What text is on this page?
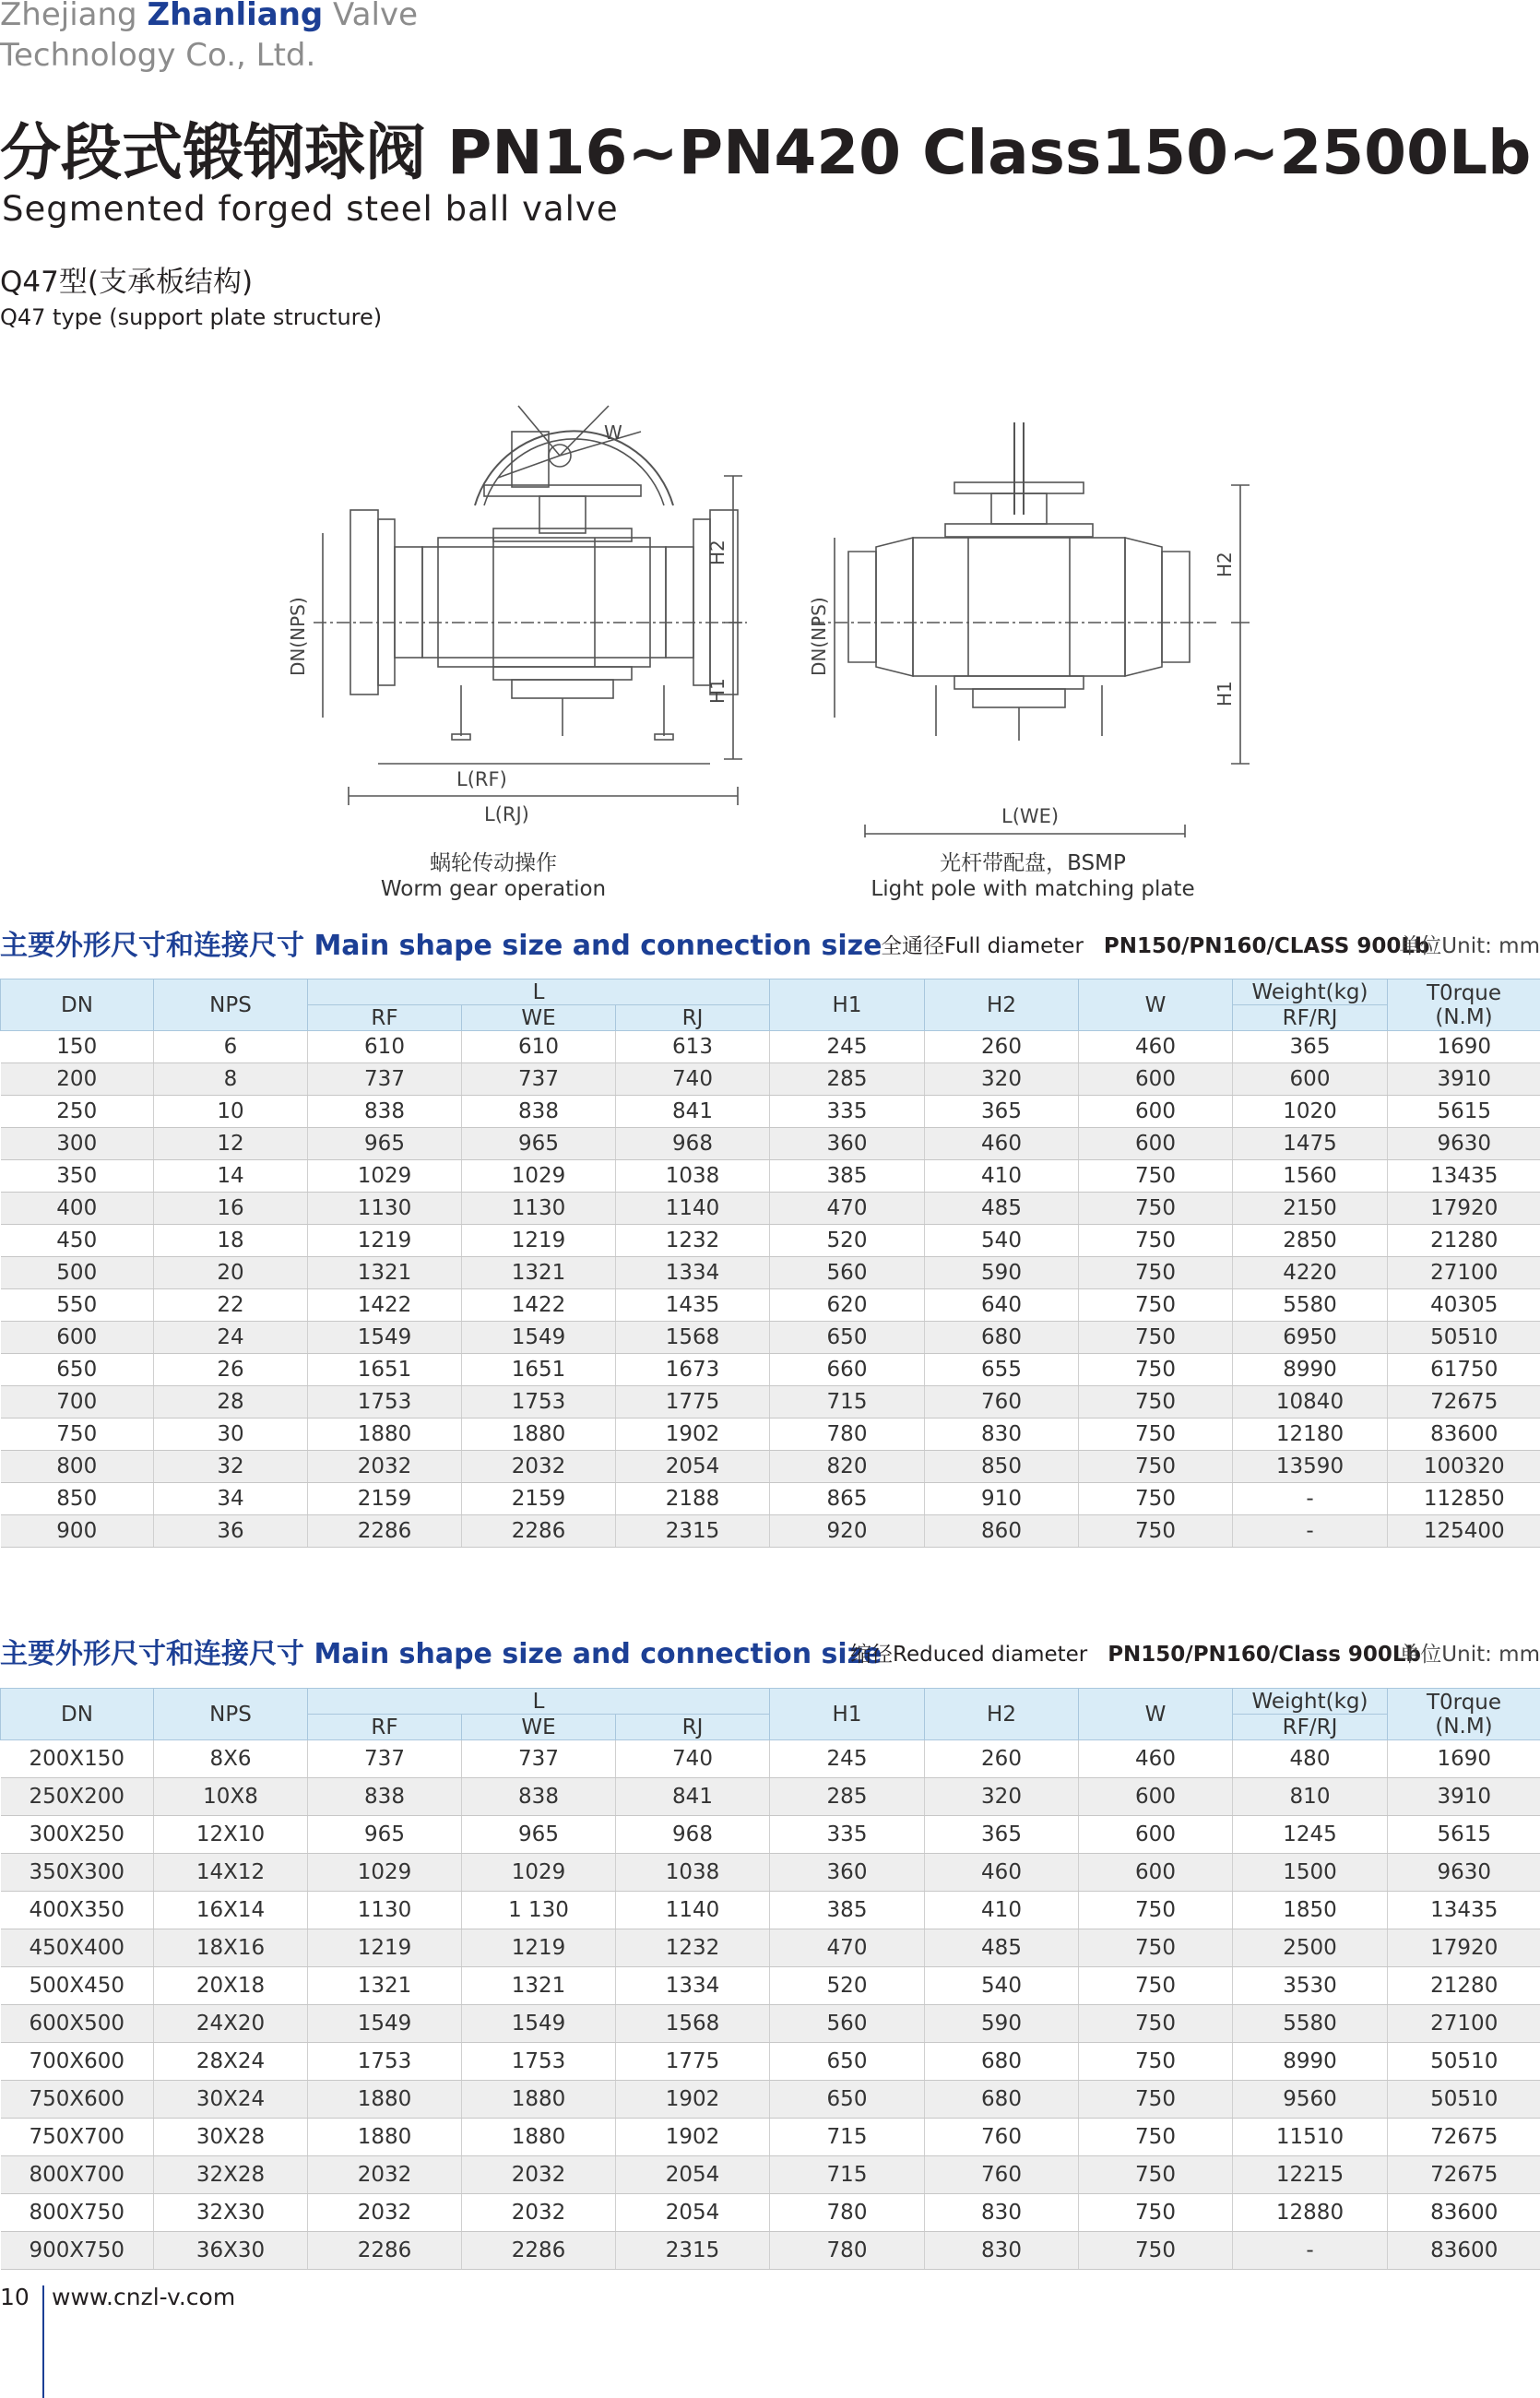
Zhejiang Zhanliang Valve
Technology Co., Ltd.
分段式锻钢球阀 PN16~PN420 Class150~2500Lb
Segmented forged steel ball valve
Q47型(支承板结构)
Q47 type (support plate structure)
W
DN(NPS)
H2
H1
L(RF)
L(RJ)
DN(NPS)
H2
H1
L(WE)
蜗轮传动操作
Worm gear operation
光杆带配盘，BSMP
Light pole with matching plate
主要外形尺寸和连接尺寸 Main shape size and connection size
全通径Full diameter PN150/PN160/CLASS 900Lb
单位Unit: mm
DN	NPS	L			H1	H2	W	Weight(kg)	T0rque
(N.M)

		RF	WE	RJ				RF/RJ	
150	6	610	610	613	245	260	460	365	1690
200	8	737	737	740	285	320	600	600	3910
250	10	838	838	841	335	365	600	1020	5615
300	12	965	965	968	360	460	600	1475	9630
350	14	1029	1029	1038	385	410	750	1560	13435
400	16	1130	1130	1140	470	485	750	2150	17920
450	18	1219	1219	1232	520	540	750	2850	21280
500	20	1321	1321	1334	560	590	750	4220	27100
550	22	1422	1422	1435	620	640	750	5580	40305
600	24	1549	1549	1568	650	680	750	6950	50510
650	26	1651	1651	1673	660	655	750	8990	61750
700	28	1753	1753	1775	715	760	750	10840	72675
750	30	1880	1880	1902	780	830	750	12180	83600
800	32	2032	2032	2054	820	850	750	13590	100320
850	34	2159	2159	2188	865	910	750	-	112850
900	36	2286	2286	2315	920	860	750	-	125400
主要外形尺寸和连接尺寸 Main shape size and connection size
缩径Reduced diameter PN150/PN160/Class 900Lb
单位Unit: mm
DN	NPS	L			H1	H2	W	Weight(kg)	T0rque
(N.M)

		RF	WE	RJ				RF/RJ	
200X150	8X6	737	737	740	245	260	460	480	1690
250X200	10X8	838	838	841	285	320	600	810	3910
300X250	12X10	965	965	968	335	365	600	1245	5615
350X300	14X12	1029	1029	1038	360	460	600	1500	9630
400X350	16X14	1130	1 130	1140	385	410	750	1850	13435
450X400	18X16	1219	1219	1232	470	485	750	2500	17920
500X450	20X18	1321	1321	1334	520	540	750	3530	21280
600X500	24X20	1549	1549	1568	560	590	750	5580	27100
700X600	28X24	1753	1753	1775	650	680	750	8990	50510
750X600	30X24	1880	1880	1902	650	680	750	9560	50510
750X700	30X28	1880	1880	1902	715	760	750	11510	72675
800X700	32X28	2032	2032	2054	715	760	750	12215	72675
800X750	32X30	2032	2032	2054	780	830	750	12880	83600
900X750	36X30	2286	2286	2315	780	830	750	-	83600
10 www.cnzl-v.com
